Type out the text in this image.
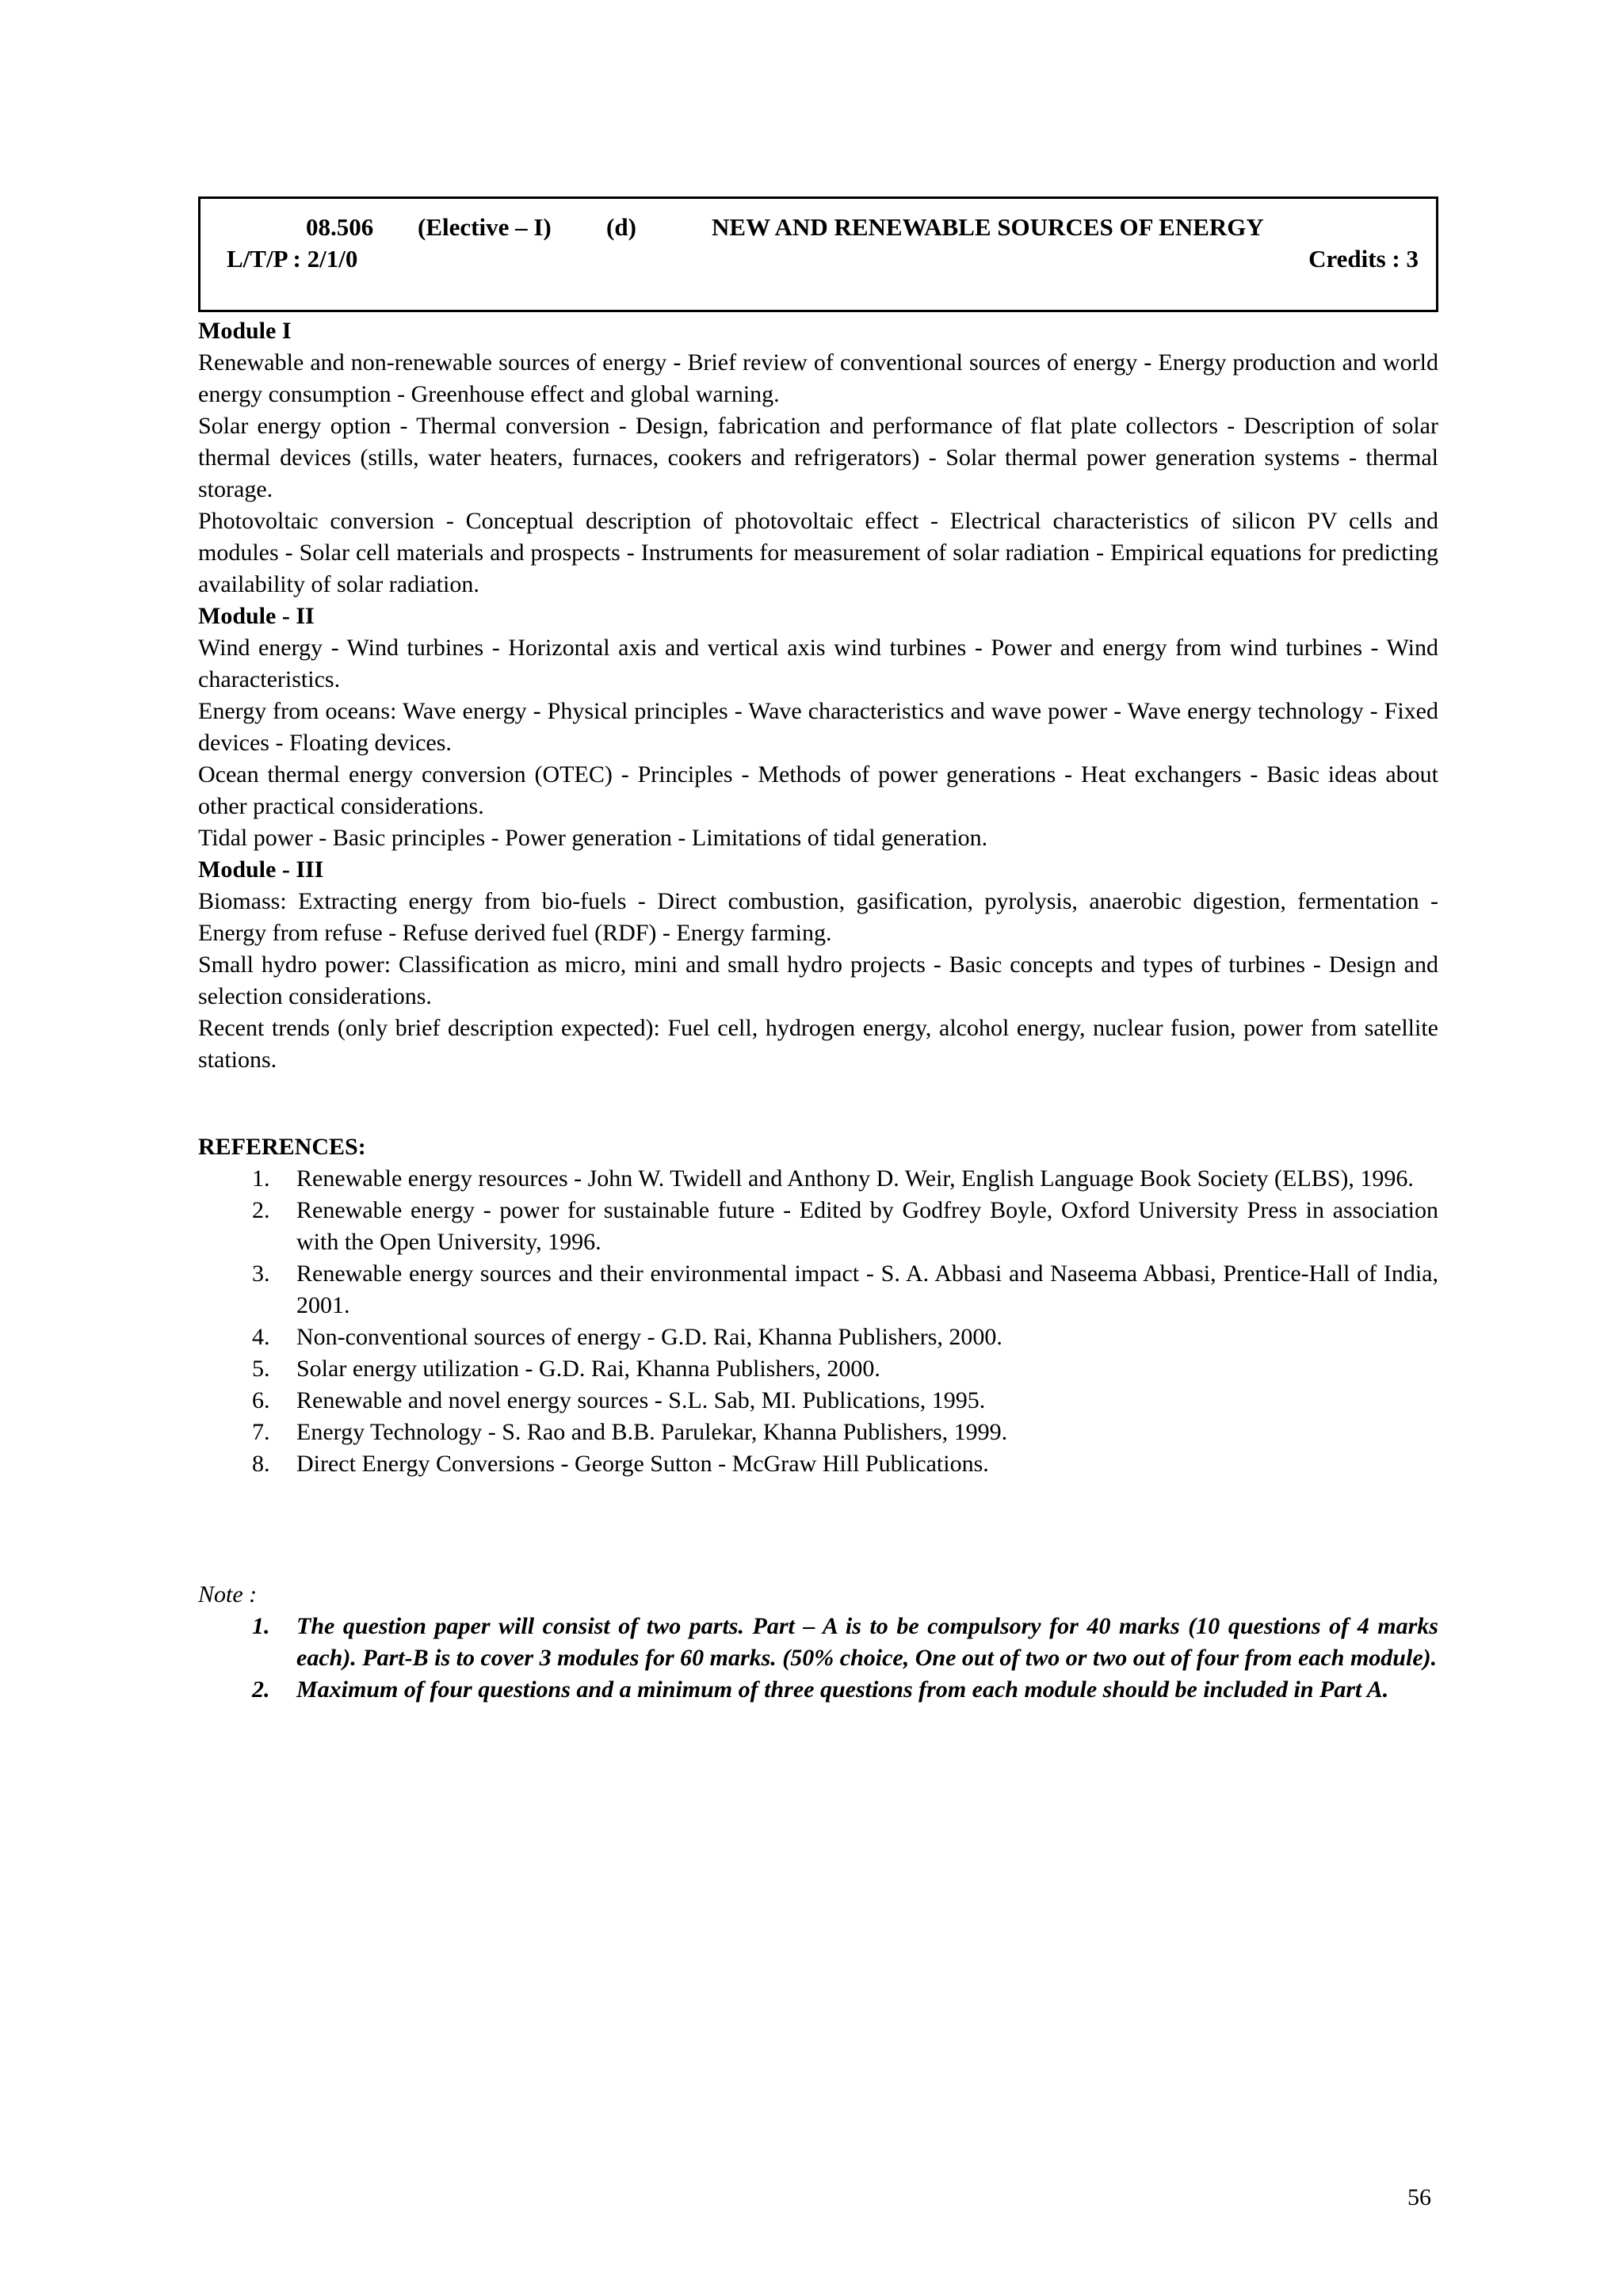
08.506 (Elective – I) (d)	NEW AND RENEWABLE SOURCES OF ENERGY
L/T/P : 2/1/0	Credits : 3

Module I

Renewable and non-renewable sources of energy - Brief review of conventional sources of energy - Energy production and world energy consumption - Greenhouse effect and global warning.

Solar energy option - Thermal conversion - Design, fabrication and performance of flat plate collectors - Description of solar thermal devices (stills, water heaters, furnaces, cookers and refrigerators) - Solar thermal power generation systems - thermal storage.

Photovoltaic conversion - Conceptual description of photovoltaic effect - Electrical characteristics of silicon PV cells and modules - Solar cell materials and prospects - Instruments for measurement of solar radiation - Empirical equations for predicting availability of solar radiation.

Module - II

Wind energy - Wind turbines - Horizontal axis and vertical axis wind turbines - Power and energy from wind turbines - Wind characteristics.

Energy from oceans: Wave energy - Physical principles - Wave characteristics and wave power - Wave energy technology - Fixed devices - Floating devices.

Ocean thermal energy conversion (OTEC) - Principles - Methods of power generations - Heat exchangers - Basic ideas about other practical considerations.

Tidal power - Basic principles - Power generation - Limitations of tidal generation.

Module - III

Biomass: Extracting energy from bio-fuels - Direct combustion, gasification, pyrolysis, anaerobic digestion, fermentation - Energy from refuse - Refuse derived fuel (RDF) - Energy farming.

Small hydro power: Classification as micro, mini and small hydro projects - Basic concepts and types of turbines - Design and selection considerations.

Recent trends (only brief description expected): Fuel cell, hydrogen energy, alcohol energy, nuclear fusion, power from satellite stations.

REFERENCES:

1.	Renewable energy resources - John W. Twidell and Anthony D. Weir, English Language Book Society (ELBS), 1996.
2.	Renewable energy - power for sustainable future - Edited by Godfrey Boyle, Oxford University Press in association with the Open University, 1996.
3.	Renewable energy sources and their environmental impact - S. A. Abbasi and Naseema Abbasi, Prentice-Hall of India, 2001.
4.	Non-conventional sources of energy - G.D. Rai, Khanna Publishers, 2000.
5.	Solar energy utilization - G.D. Rai, Khanna Publishers, 2000.
6.	Renewable and novel energy sources - S.L. Sab, MI. Publications, 1995.
7.	Energy Technology - S. Rao and B.B. Parulekar, Khanna Publishers, 1999.
8.	Direct Energy Conversions - George Sutton - McGraw Hill Publications.

Note :

1.	The question paper will consist of two parts. Part – A is to be compulsory for 40 marks (10 questions of 4 marks each). Part-B is to cover 3 modules for 60 marks. (50% choice, One out of two or two out of four from each module).
2.	Maximum of four questions and a minimum of three questions from each module should be included in Part A.
56
